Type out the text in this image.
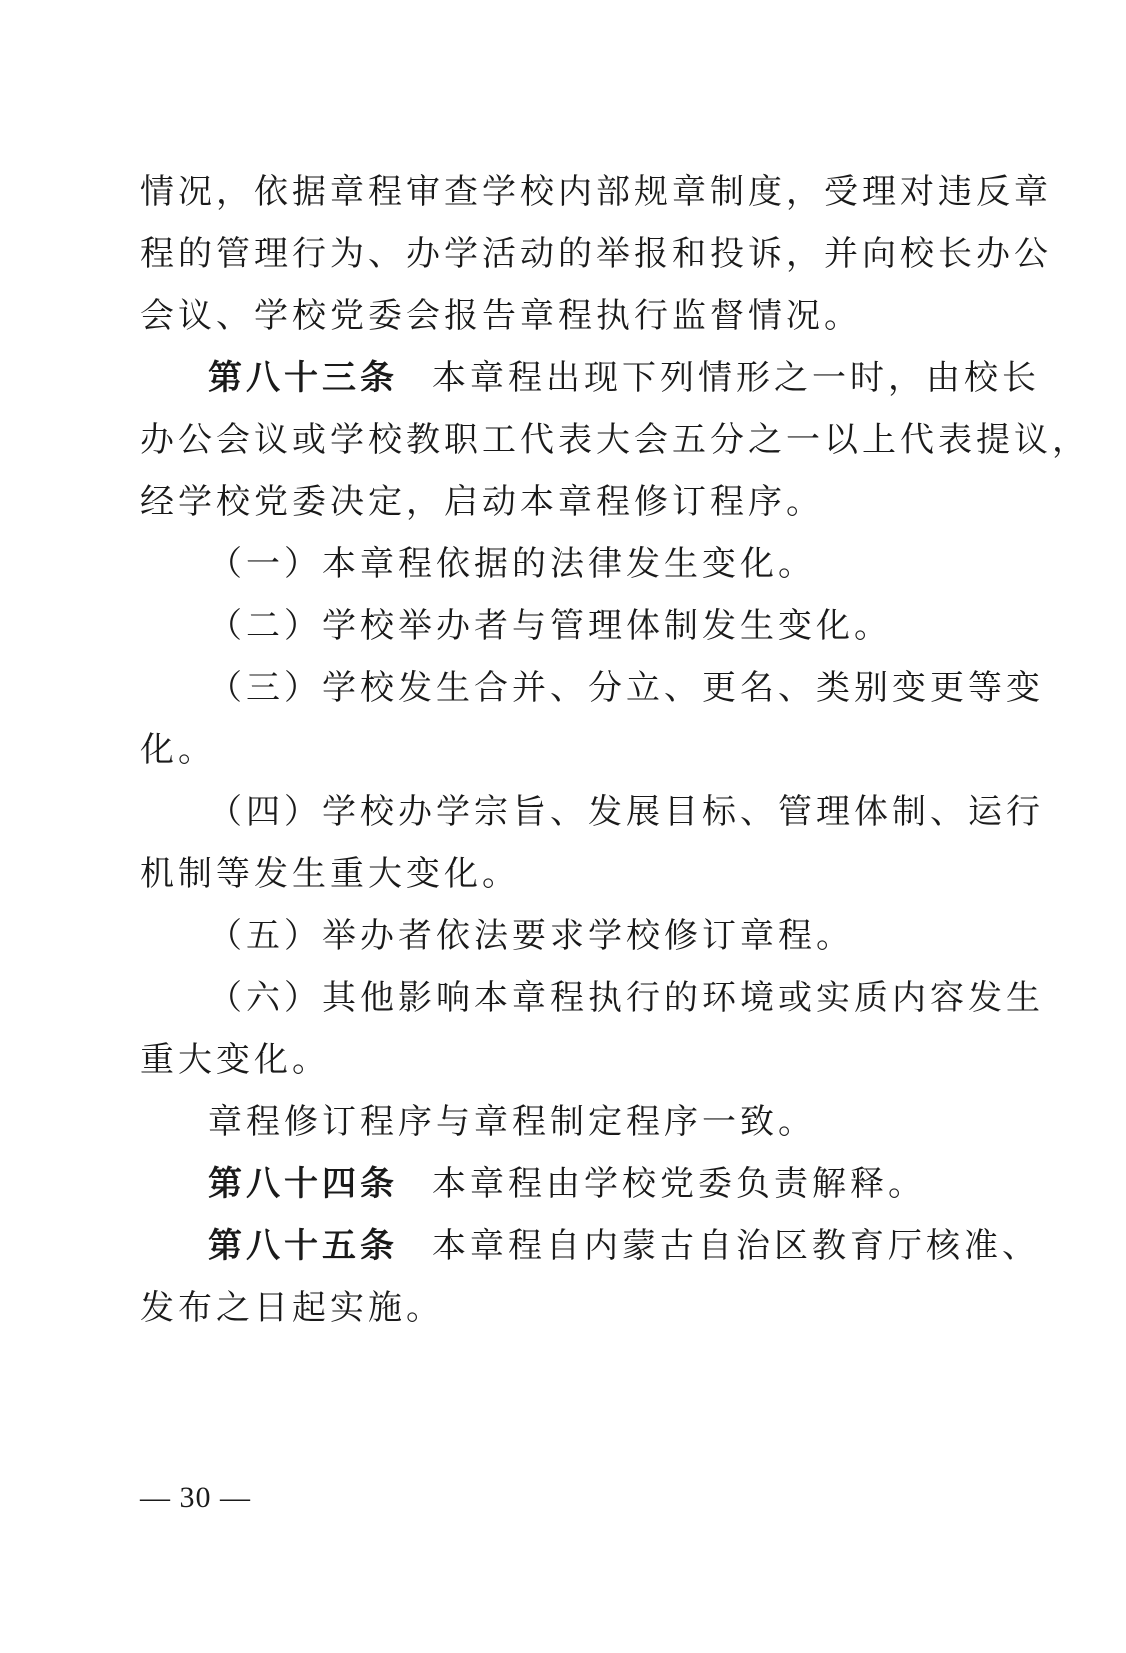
情况，依据章程审查学校内部规章制度，受理对违反章
程的管理行为、办学活动的举报和投诉，并向校长办公
会议、学校党委会报告章程执行监督情况。
第八十三条 本章程出现下列情形之一时，由校长
办公会议或学校教职工代表大会五分之一以上代表提议，
经学校党委决定，启动本章程修订程序。
（一）本章程依据的法律发生变化。
（二）学校举办者与管理体制发生变化。
（三）学校发生合并、分立、更名、类别变更等变
化。
（四）学校办学宗旨、发展目标、管理体制、运行
机制等发生重大变化。
（五）举办者依法要求学校修订章程。
（六）其他影响本章程执行的环境或实质内容发生
重大变化。
章程修订程序与章程制定程序一致。
第八十四条 本章程由学校党委负责解释。
第八十五条 本章程自内蒙古自治区教育厅核准、
发布之日起实施。
— 30 —
